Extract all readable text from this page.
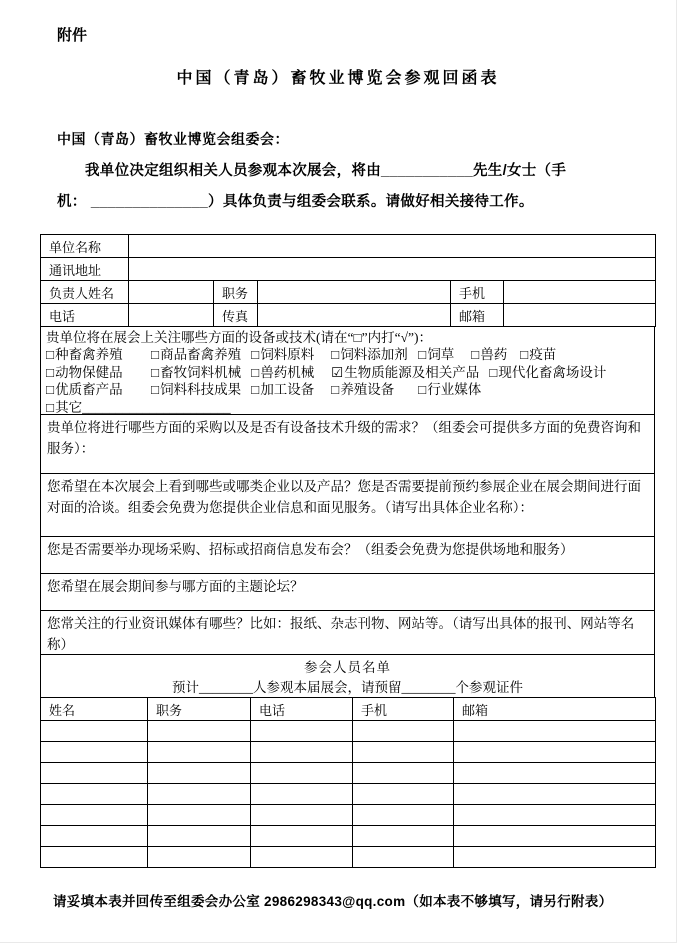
附件
中国（青岛）畜牧业博览会参观回函表
中国（青岛）畜牧业博览会组委会：
我单位决定组织相关人员参观本次展会，将由___________先生/女士（手
机： ______________）具体负责与组委会联系。请做好相关接待工作。
单位名称					
通讯地址					
负责人姓名		职务		手机	
电话		传真		邮箱	
贵单位将在展会上关注哪些方面的设备或技术(请在“□”内打“√”)：
□种畜禽养殖 □商品畜禽养殖 □饲料原料 □饲料添加剂 □饲草 □兽药 □疫苗
□动物保健品 □畜牧饲料机械 □兽药机械 ☑生物质能源及相关产品 □现代化畜禽场设计
□优质畜产品 □饲料科技成果 □加工设备 □养殖设备 □行业媒体
□其它______________________
贵单位将进行哪些方面的采购以及是否有设备技术升级的需求？（组委会可提供多方面的免费咨询和服务）：
您希望在本次展会上看到哪些或哪类企业以及产品？您是否需要提前预约参展企业在展会期间进行面对面的洽谈。组委会免费为您提供企业信息和面见服务。（请写出具体企业名称）：
您是否需要举办现场采购、招标或招商信息发布会？（组委会免费为您提供场地和服务）
您希望在展会期间参与哪方面的主题论坛？
您常关注的行业资讯媒体有哪些？比如：报纸、杂志刊物、网站等。（请写出具体的报刊、网站等名称）
参会人员名单
预计________人参观本届展会，请预留________个参观证件
姓名	职务	电话	手机	邮箱

请妥填本表并回传至组委会办公室 2986298343@qq.com（如本表不够填写，请另行附表）
